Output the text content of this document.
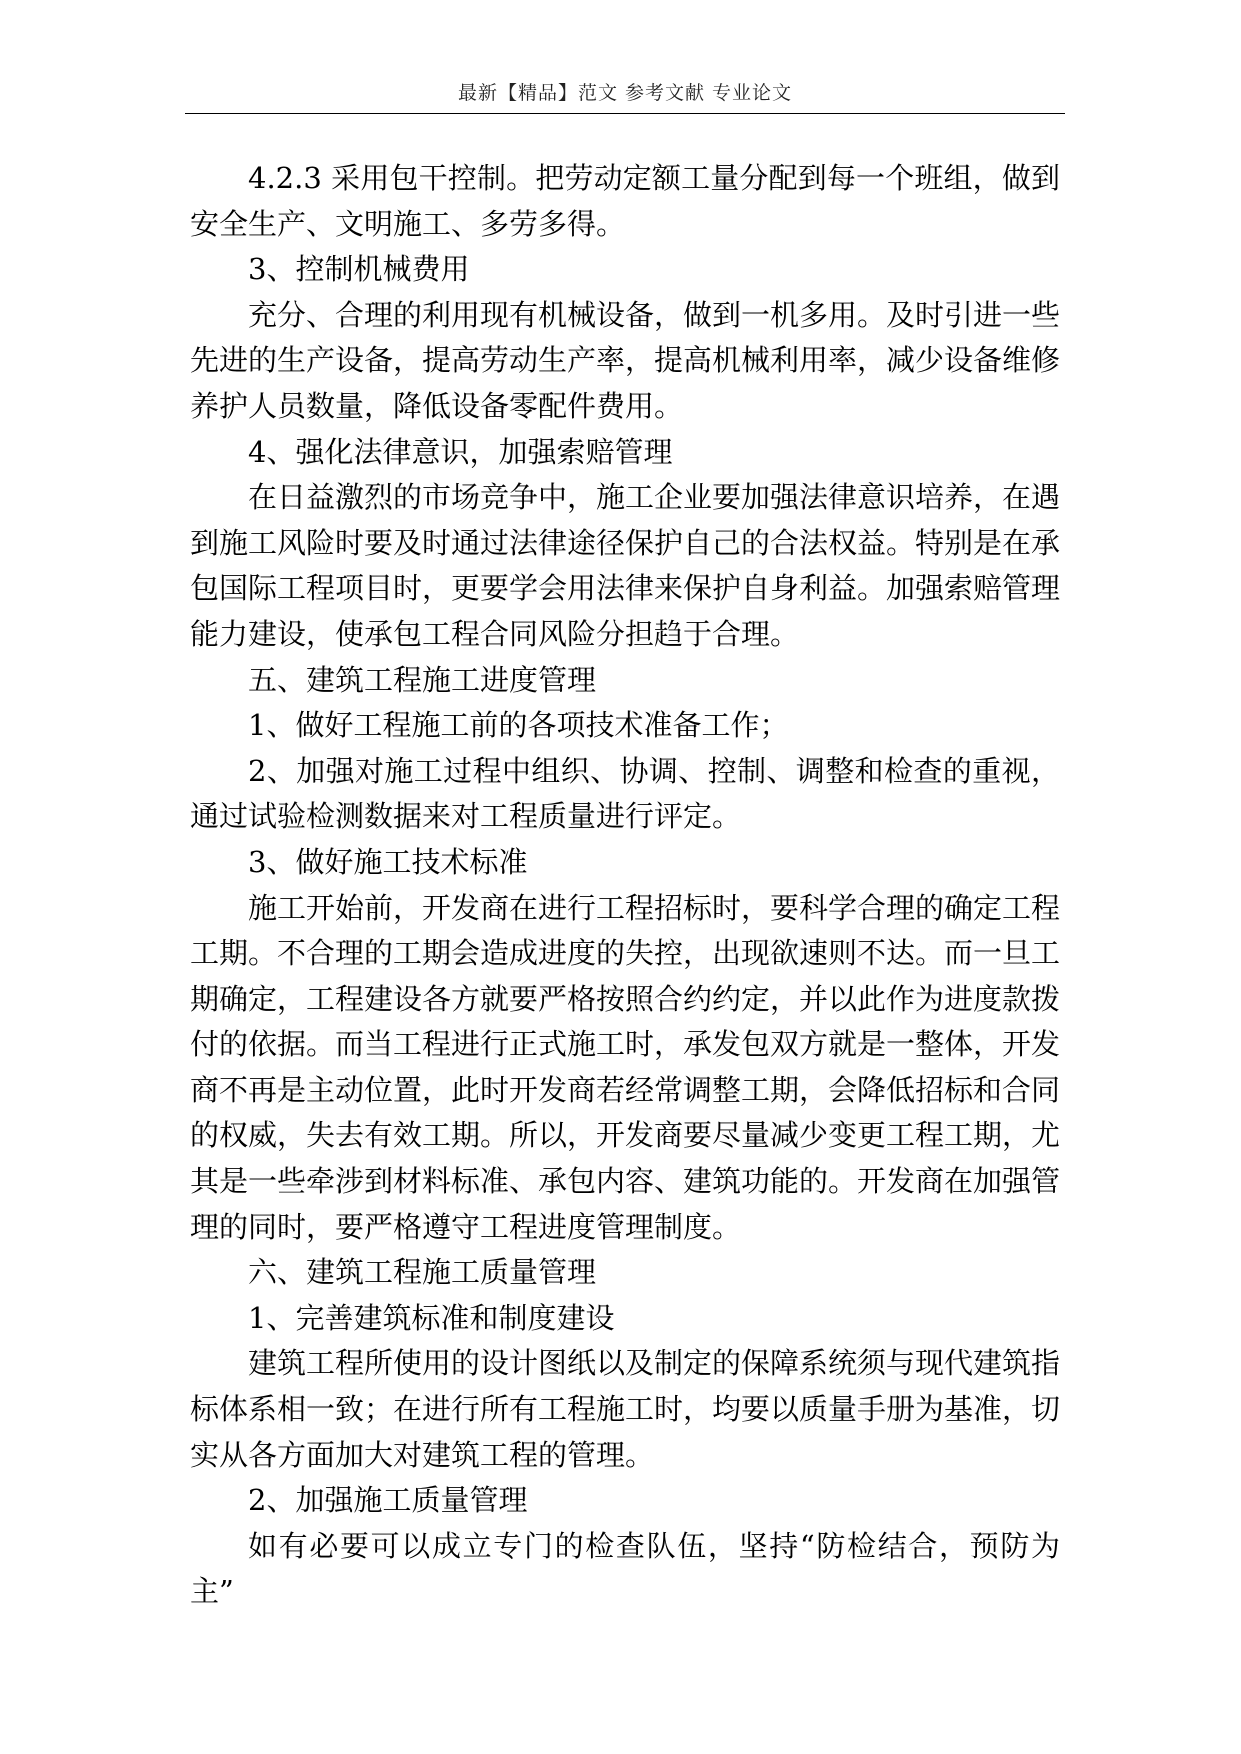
最新【精品】范文 参考文献 专业论文

4.2.3 采用包干控制。把劳动定额工量分配到每一个班组，做到安全生产、文明施工、多劳多得。

3、控制机械费用

充分、合理的利用现有机械设备，做到一机多用。及时引进一些先进的生产设备，提高劳动生产率，提高机械利用率，减少设备维修养护人员数量，降低设备零配件费用。

4、强化法律意识，加强索赔管理

在日益激烈的市场竞争中，施工企业要加强法律意识培养，在遇到施工风险时要及时通过法律途径保护自己的合法权益。特别是在承包国际工程项目时，更要学会用法律来保护自身利益。加强索赔管理能力建设，使承包工程合同风险分担趋于合理。

五、建筑工程施工进度管理

1、做好工程施工前的各项技术准备工作；

2、加强对施工过程中组织、协调、控制、调整和检查的重视，通过试验检测数据来对工程质量进行评定。

3、做好施工技术标准

施工开始前，开发商在进行工程招标时，要科学合理的确定工程工期。不合理的工期会造成进度的失控，出现欲速则不达。而一旦工期确定，工程建设各方就要严格按照合约约定，并以此作为进度款拨付的依据。而当工程进行正式施工时，承发包双方就是一整体，开发商不再是主动位置，此时开发商若经常调整工期，会降低招标和合同的权威，失去有效工期。所以，开发商要尽量减少变更工程工期，尤其是一些牵涉到材料标准、承包内容、建筑功能的。开发商在加强管理的同时，要严格遵守工程进度管理制度。

六、建筑工程施工质量管理

1、完善建筑标准和制度建设

建筑工程所使用的设计图纸以及制定的保障系统须与现代建筑指标体系相一致；在进行所有工程施工时，均要以质量手册为基准，切实从各方面加大对建筑工程的管理。

2、加强施工质量管理

如有必要可以成立专门的检查队伍，坚持“防检结合，预防为主”
